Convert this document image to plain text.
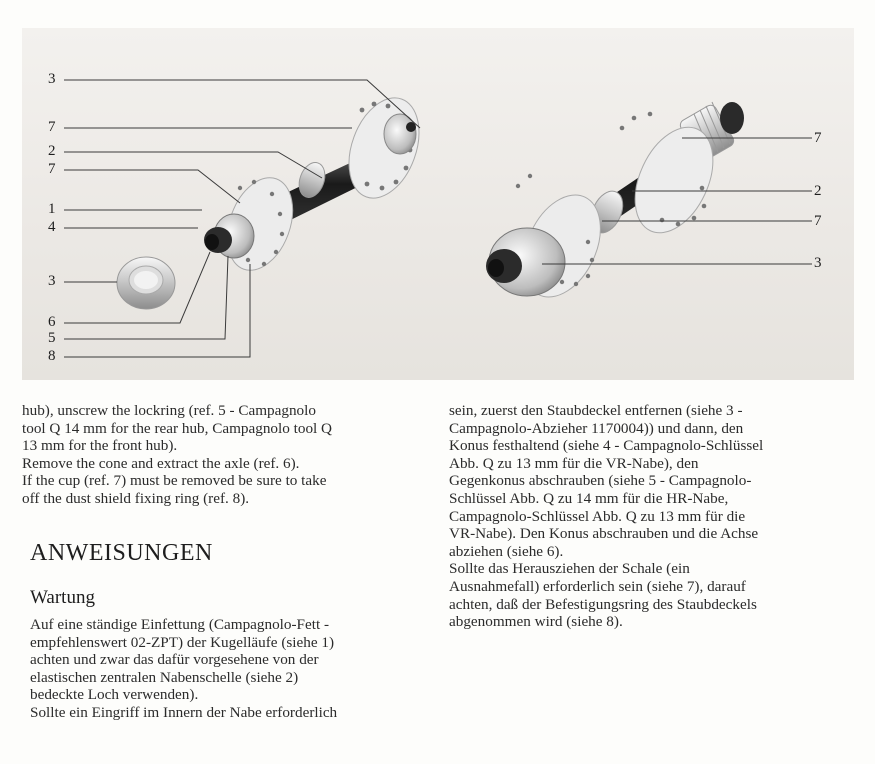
3
7
2
7
1
4
3
6
5
8
7
2
7
3

hub), unscrew the lockring (ref. 5 - Campagnolo

tool Q 14 mm for the rear hub, Campagnolo tool Q

13 mm for the front hub).

Remove the cone and extract the axle (ref. 6).

If the cup (ref. 7) must be removed be sure to take

off the dust shield fixing ring (ref. 8).

ANWEISUNGEN
Wartung

Auf eine ständige Einfettung (Campagnolo-Fett -

empfehlenswert 02-ZPT) der Kugelläufe (siehe 1)

achten und zwar das dafür vorgesehene von der

elastischen zentralen Nabenschelle (siehe 2)

bedeckte Loch verwenden).

Sollte ein Eingriff im Innern der Nabe erforderlich

sein, zuerst den Staubdeckel entfernen (siehe 3 -

Campagnolo-Abzieher 1170004)) und dann, den

Konus festhaltend (siehe 4 - Campagnolo-Schlüssel

Abb. Q zu 13 mm für die VR-Nabe), den

Gegenkonus abschrauben (siehe 5 - Campagnolo-

Schlüssel Abb. Q zu 14 mm für die HR-Nabe,

Campagnolo-Schlüssel Abb. Q zu 13 mm für die

VR-Nabe). Den Konus abschrauben und die Achse

abziehen (siehe 6).

Sollte das Herausziehen der Schale (ein

Ausnahmefall) erforderlich sein (siehe 7), darauf

achten, daß der Befestigungsring des Staubdeckels

abgenommen wird (siehe 8).
